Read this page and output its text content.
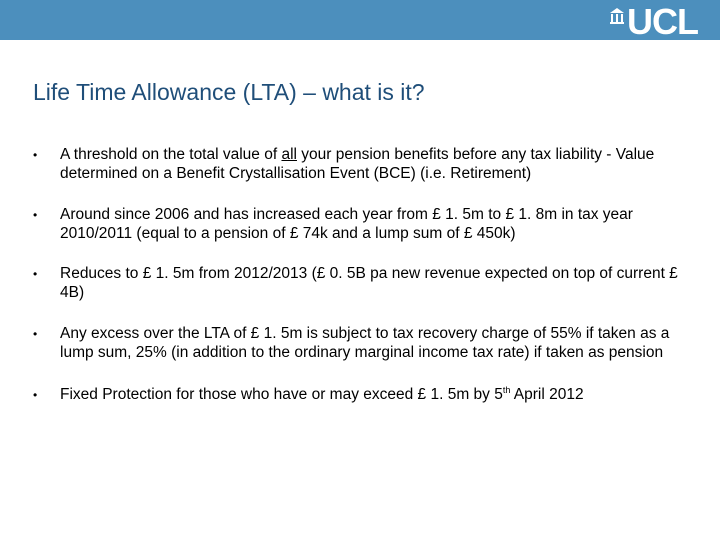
UCL
Life Time Allowance (LTA) – what is it?
• A threshold on the total value of all your pension benefits before any tax liability - Value determined on a Benefit Crystallisation Event (BCE) (i.e. Retirement)
• Around since 2006 and has increased each year from £ 1. 5m to £ 1. 8m in tax year 2010/2011 (equal to a pension of £ 74k and a lump sum of £ 450k)
• Reduces to £ 1. 5m from 2012/2013 (£ 0. 5B pa new revenue expected on top of current £ 4B)
• Any excess over the LTA of £ 1. 5m is subject to tax recovery charge of 55% if taken as a lump sum, 25% (in addition to the ordinary marginal income tax rate) if taken as pension
• Fixed Protection for those who have or may exceed £ 1. 5m by 5th April 2012
